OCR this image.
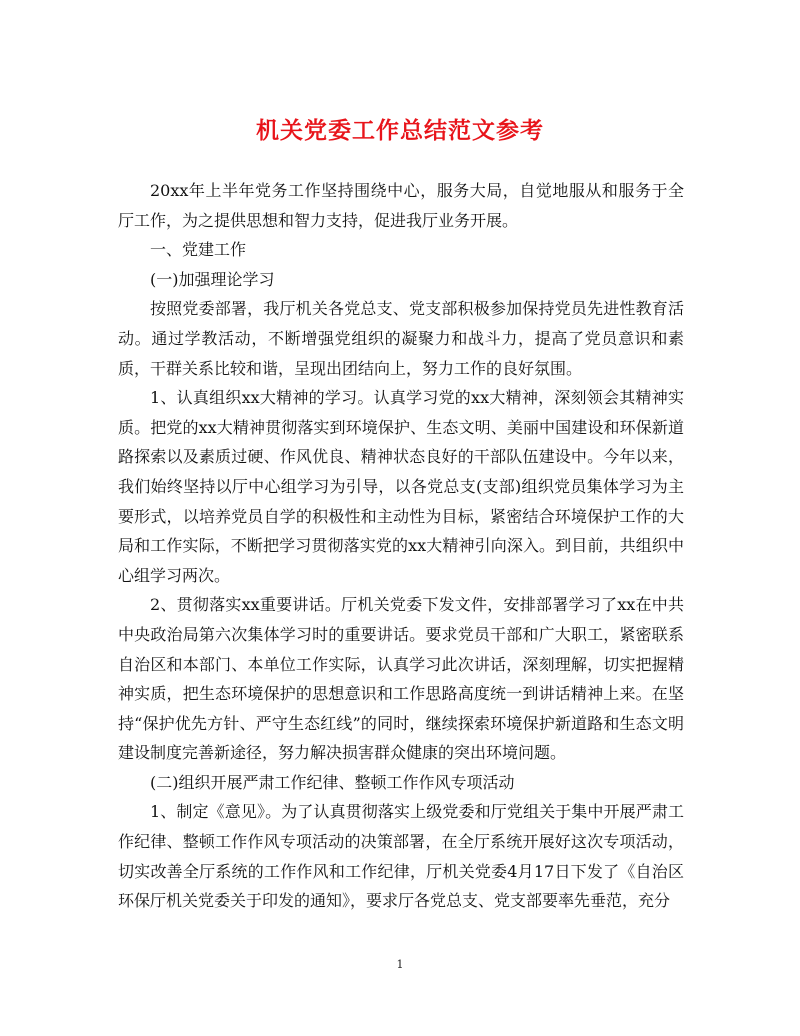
机关党委工作总结范文参考

20xx年上半年党务工作坚持围绕中心，服务大局，自觉地服从和服务于全厅工作，为之提供思想和智力支持，促进我厅业务开展。

一、党建工作

(一)加强理论学习

按照党委部署，我厅机关各党总支、党支部积极参加保持党员先进性教育活动。通过学教活动，不断增强党组织的凝聚力和战斗力，提高了党员意识和素质，干群关系比较和谐，呈现出团结向上，努力工作的良好氛围。

1、认真组织xx大精神的学习。认真学习党的xx大精神，深刻领会其精神实质。把党的xx大精神贯彻落实到环境保护、生态文明、美丽中国建设和环保新道路探索以及素质过硬、作风优良、精神状态良好的干部队伍建设中。今年以来，我们始终坚持以厅中心组学习为引导，以各党总支(支部)组织党员集体学习为主要形式，以培养党员自学的积极性和主动性为目标，紧密结合环境保护工作的大局和工作实际，不断把学习贯彻落实党的xx大精神引向深入。到目前，共组织中心组学习两次。

2、贯彻落实xx重要讲话。厅机关党委下发文件，安排部署学习了xx在中共中央政治局第六次集体学习时的重要讲话。要求党员干部和广大职工，紧密联系自治区和本部门、本单位工作实际，认真学习此次讲话，深刻理解，切实把握精神实质，把生态环境保护的思想意识和工作思路高度统一到讲话精神上来。在坚持“保护优先方针、严守生态红线”的同时，继续探索环境保护新道路和生态文明建设制度完善新途径，努力解决损害群众健康的突出环境问题。

(二)组织开展严肃工作纪律、整顿工作作风专项活动

1、制定《意见》。为了认真贯彻落实上级党委和厅党组关于集中开展严肃工作纪律、整顿工作作风专项活动的决策部署，在全厅系统开展好这次专项活动，切实改善全厅系统的工作作风和工作纪律，厅机关党委4月17日下发了《自治区环保厅机关党委关于印发的通知》，要求厅各党总支、党支部要率先垂范，充分

1
